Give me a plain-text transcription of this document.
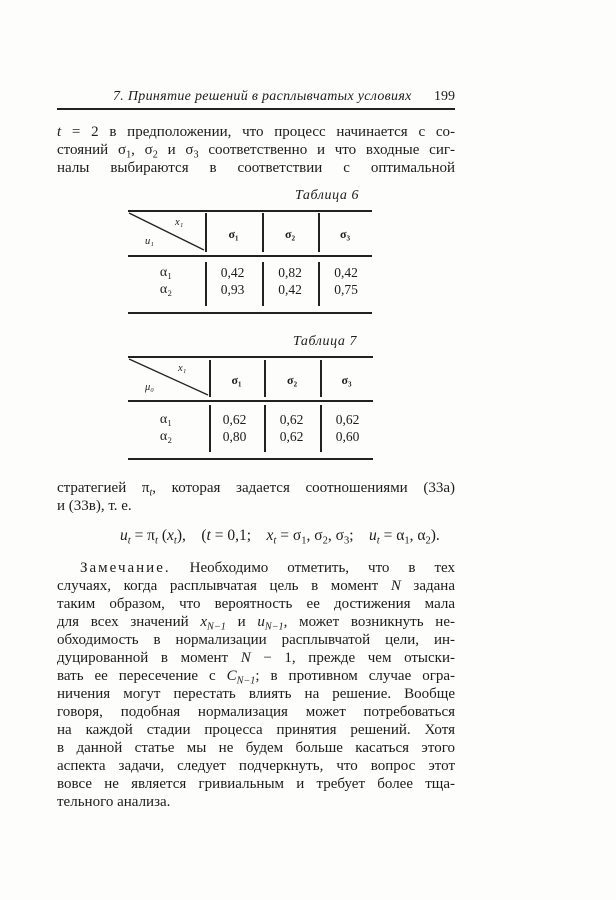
7. Принятие решений в расплывчатых условиях	199
t = 2 в предположении, что процесс начинается с со-
стояний $\sigma_1$, $\sigma_2$ и $\sigma_3$ соответственно и что входные сиг-
налы выбираются в соответствии с оптимальной
Таблица 6
x₁
u₁
σ₁	σ₂	σ₃
α₁	0,42	0,82	0,42
α₂	0,93	0,42	0,75
Таблица 7
x₁
μ₀
σ₁	σ₂	σ₃
α₁	0,62	0,62	0,62
α₂	0,80	0,62	0,60
стратегией $\pi_t$, которая задается соотношениями (33а)
и (33в), т. е.
$u_t = \pi_t$ $(x_t)$,    (t = 0,1;    $x_t = \sigma_1$, $\sigma_2$, $\sigma_3$;    $u_t = \alpha_1$, $\alpha_2$).
Замечание. Необходимо отметить, что в тех
случаях, когда расплывчатая цель в момент N задана
таким образом, что вероятность ее достижения мала
для всех значений $x_{N-1}$ и $u_{N-1}$, может возникнуть не-
обходимость в нормализации расплывчатой цели, ин-
дуцированной в момент N − 1, прежде чем отыски-
вать ее пересечение с $C_{N-1}$; в противном случае огра-
ничения могут перестать влиять на решение. Вообще
говоря, подобная нормализация может потребоваться
на каждой стадии процесса принятия решений. Хотя
в данной статье мы не будем больше касаться этого
аспекта задачи, следует подчеркнуть, что вопрос этот
вовсе не является гривиальным и требует более тща-
тельного анализа.
